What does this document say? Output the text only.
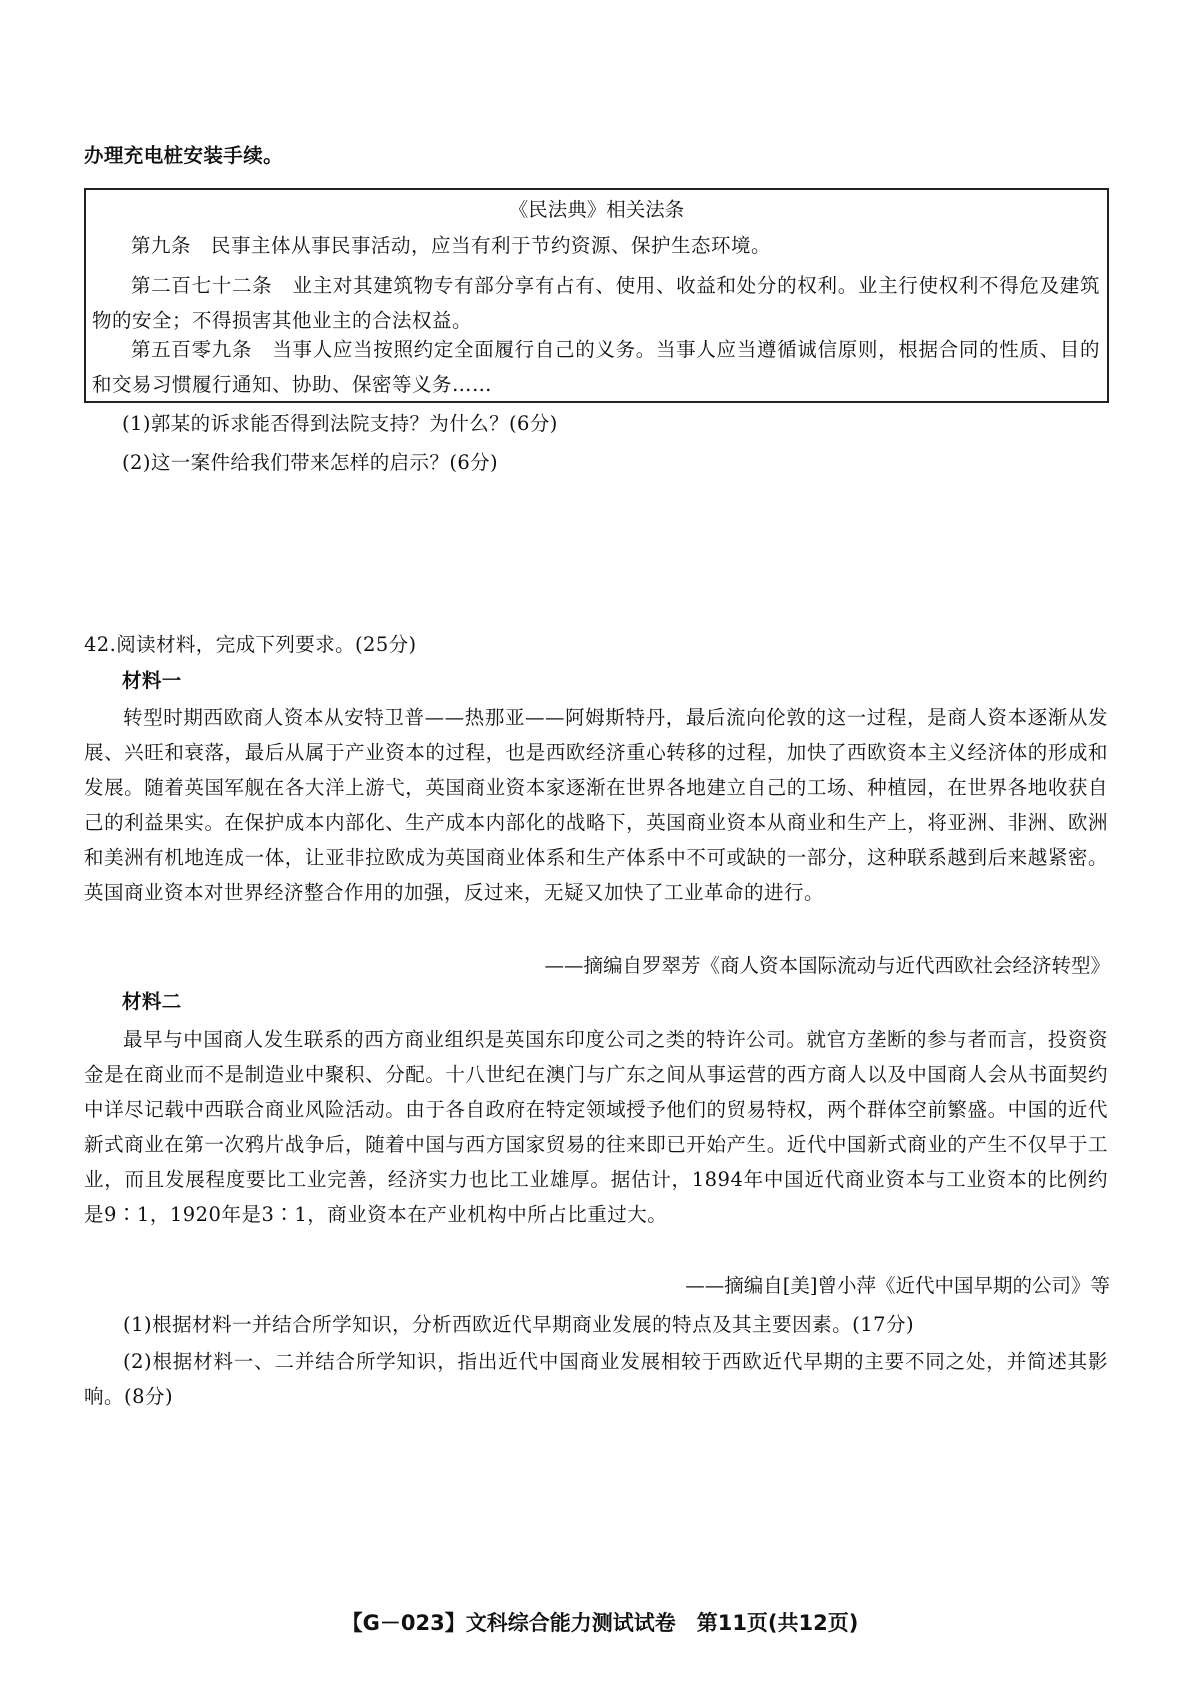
办理充电桩安装手续。
《民法典》相关法条
第九条　民事主体从事民事活动，应当有利于节约资源、保护生态环境。
第二百七十二条　业主对其建筑物专有部分享有占有、使用、收益和处分的权利。业主行使权利不得危及建筑物的安全；不得损害其他业主的合法权益。
第五百零九条　当事人应当按照约定全面履行自己的义务。当事人应当遵循诚信原则，根据合同的性质、目的和交易习惯履行通知、协助、保密等义务……
(1)郭某的诉求能否得到法院支持？为什么？(6分)
(2)这一案件给我们带来怎样的启示？(6分)
42.阅读材料，完成下列要求。(25分)
材料一
转型时期西欧商人资本从安特卫普——热那亚——阿姆斯特丹，最后流向伦敦的这一过程，是商人资本逐渐从发展、兴旺和衰落，最后从属于产业资本的过程，也是西欧经济重心转移的过程，加快了西欧资本主义经济体的形成和发展。随着英国军舰在各大洋上游弋，英国商业资本家逐渐在世界各地建立自己的工场、种植园，在世界各地收获自己的利益果实。在保护成本内部化、生产成本内部化的战略下，英国商业资本从商业和生产上，将亚洲、非洲、欧洲和美洲有机地连成一体，让亚非拉欧成为英国商业体系和生产体系中不可或缺的一部分，这种联系越到后来越紧密。英国商业资本对世界经济整合作用的加强，反过来，无疑又加快了工业革命的进行。
——摘编自罗翠芳《商人资本国际流动与近代西欧社会经济转型》
材料二
最早与中国商人发生联系的西方商业组织是英国东印度公司之类的特许公司。就官方垄断的参与者而言，投资资金是在商业而不是制造业中聚积、分配。十八世纪在澳门与广东之间从事运营的西方商人以及中国商人会从书面契约中详尽记载中西联合商业风险活动。由于各自政府在特定领域授予他们的贸易特权，两个群体空前繁盛。中国的近代新式商业在第一次鸦片战争后，随着中国与西方国家贸易的往来即已开始产生。近代中国新式商业的产生不仅早于工业，而且发展程度要比工业完善，经济实力也比工业雄厚。据估计，1894年中国近代商业资本与工业资本的比例约是9∶1，1920年是3∶1，商业资本在产业机构中所占比重过大。
——摘编自[美]曾小萍《近代中国早期的公司》等
(1)根据材料一并结合所学知识，分析西欧近代早期商业发展的特点及其主要因素。(17分)
(2)根据材料一、二并结合所学知识，指出近代中国商业发展相较于西欧近代早期的主要不同之处，并简述其影响。(8分)
【G－023】文科综合能力测试试卷　第11页(共12页)
